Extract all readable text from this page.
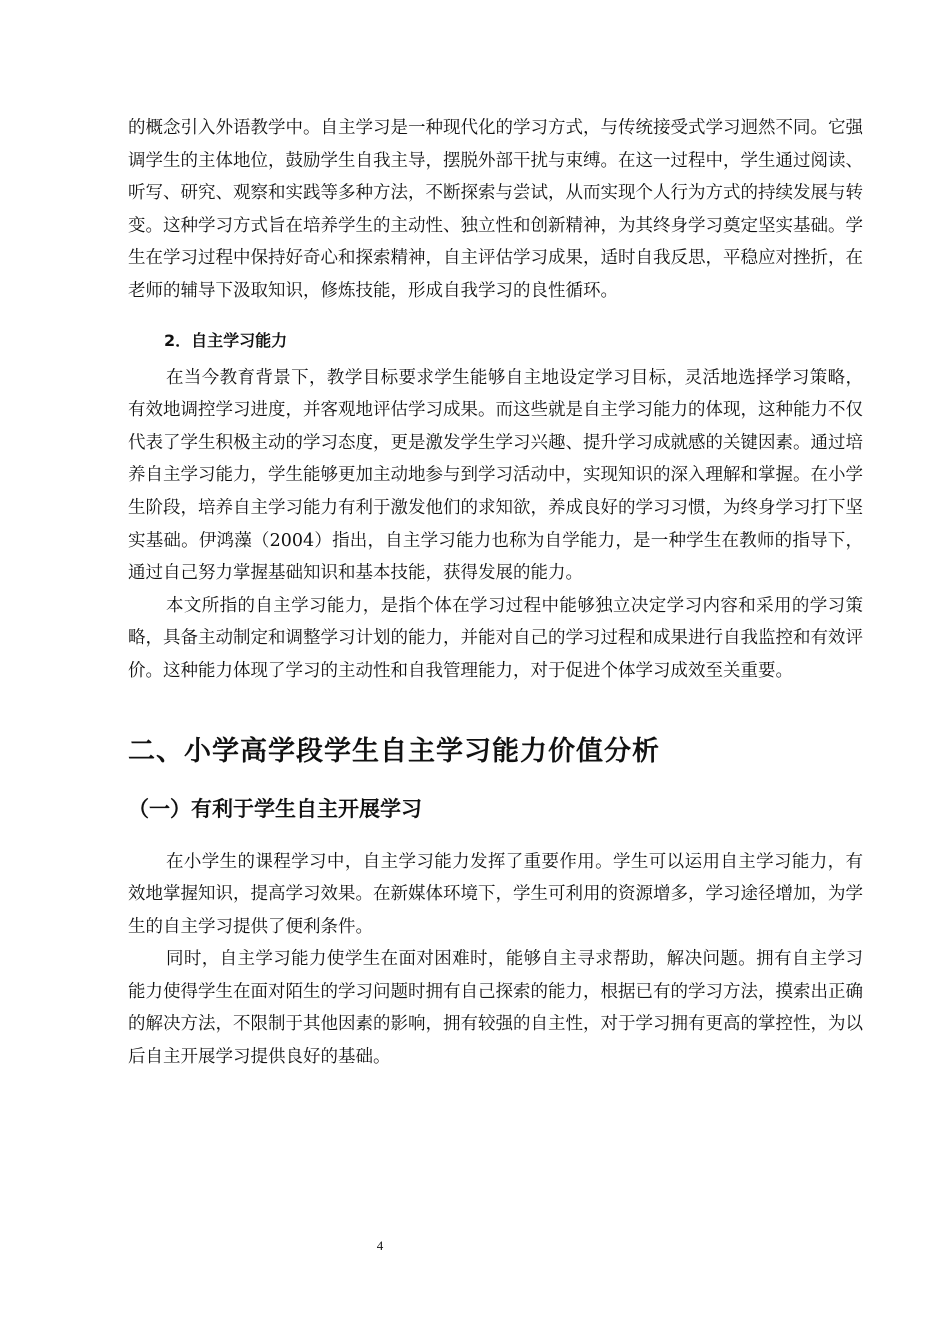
的概念引入外语教学中。自主学习是一种现代化的学习方式，与传统接受式学习迥然不同。它强调学生的主体地位，鼓励学生自我主导，摆脱外部干扰与束缚。在这一过程中，学生通过阅读、听写、研究、观察和实践等多种方法，不断探索与尝试，从而实现个人行为方式的持续发展与转变。这种学习方式旨在培养学生的主动性、独立性和创新精神，为其终身学习奠定坚实基础。学生在学习过程中保持好奇心和探索精神，自主评估学习成果，适时自我反思，平稳应对挫折，在老师的辅导下汲取知识，修炼技能，形成自我学习的良性循环。

2．自主学习能力

在当今教育背景下，教学目标要求学生能够自主地设定学习目标，灵活地选择学习策略，有效地调控学习进度，并客观地评估学习成果。而这些就是自主学习能力的体现，这种能力不仅代表了学生积极主动的学习态度，更是激发学生学习兴趣、提升学习成就感的关键因素。通过培养自主学习能力，学生能够更加主动地参与到学习活动中，实现知识的深入理解和掌握。在小学生阶段，培养自主学习能力有利于激发他们的求知欲，养成良好的学习习惯，为终身学习打下坚实基础。伊鸿藻（2004）指出，自主学习能力也称为自学能力，是一种学生在教师的指导下，通过自己努力掌握基础知识和基本技能，获得发展的能力。

本文所指的自主学习能力，是指个体在学习过程中能够独立决定学习内容和采用的学习策略，具备主动制定和调整学习计划的能力，并能对自己的学习过程和成果进行自我监控和有效评价。这种能力体现了学习的主动性和自我管理能力，对于促进个体学习成效至关重要。

二、小学高学段学生自主学习能力价值分析
（一）有利于学生自主开展学习

在小学生的课程学习中，自主学习能力发挥了重要作用。学生可以运用自主学习能力，有效地掌握知识，提高学习效果。在新媒体环境下，学生可利用的资源增多，学习途径增加，为学生的自主学习提供了便利条件。

同时，自主学习能力使学生在面对困难时，能够自主寻求帮助，解决问题。拥有自主学习能力使得学生在面对陌生的学习问题时拥有自己探索的能力，根据已有的学习方法，摸索出正确的解决方法，不限制于其他因素的影响，拥有较强的自主性，对于学习拥有更高的掌控性，为以后自主开展学习提供良好的基础。

4
